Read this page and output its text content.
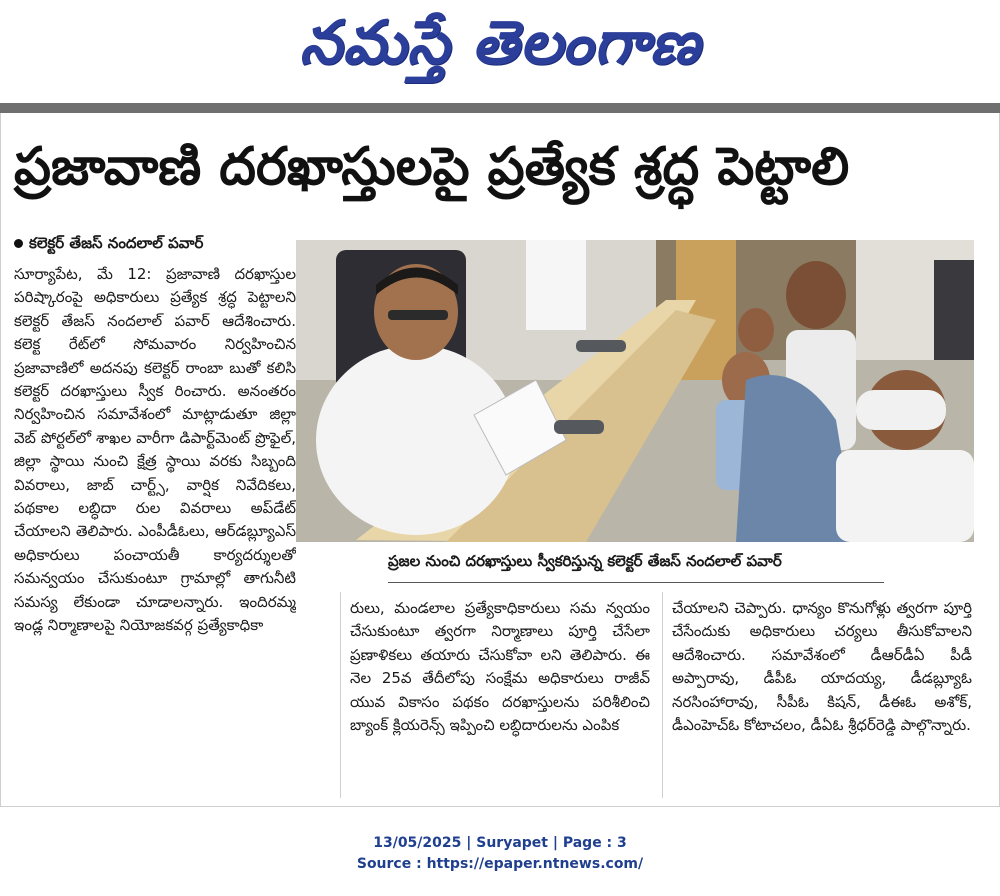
నమస్తే తెలంగాణ
ప్రజావాణి దరఖాస్తులపై ప్రత్యేక శ్రద్ధ పెట్టాలి
కలెక్టర్ తేజస్ నందలాల్ పవార్
సూర్యాపేట, మే 12: ప్రజావాణి దరఖాస్తుల పరిష్కారంపై అధికారులు ప్రత్యేక శ్రద్ధ పెట్టాలని కలెక్టర్ తేజస్ నందలాల్ పవార్ ఆదేశించారు. కలెక్ట రేట్‌లో సోమవారం నిర్వహించిన ప్రజావాణిలో అదనపు కలెక్టర్ రాంబా బుతో కలిసి కలెక్టర్ దరఖాస్తులు స్వీక రించారు. అనంతరం నిర్వహించిన సమావేశంలో మాట్లాడుతూ జిల్లా వెబ్ పోర్టల్‌లో శాఖల వారీగా డిపార్ట్‌మెంట్ ప్రొఫైల్, జిల్లా స్థాయి నుంచి క్షేత్ర స్థాయి వరకు సిబ్బంది వివరాలు, జాబ్ చార్ట్స్, వార్షిక నివేదికలు, పథకాల లబ్ధిదా రుల వివరాలు అప్‌డేట్ చేయాలని తెలిపారు. ఎంపీడీఓలు, ఆర్‌డబ్ల్యూఎస్ అధికారులు పంచాయతీ కార్యదర్శులతో సమన్వయం చేసుకుంటూ గ్రామాల్లో తాగునీటి సమస్య లేకుండా చూడాలన్నారు. ఇందిరమ్మ ఇండ్ల నిర్మాణాలపై నియోజకవర్గ ప్రత్యేకాధికా
ప్రజల నుంచి దరఖాస్తులు స్వీకరిస్తున్న కలెక్టర్ తేజస్ నందలాల్ పవార్
రులు, మండలాల ప్రత్యేకాధికారులు సమ న్వయం చేసుకుంటూ త్వరగా నిర్మాణాలు పూర్తి చేసేలా ప్రణాళికలు తయారు చేసుకోవా లని తెలిపారు. ఈ నెల 25వ తేదీలోపు సంక్షేమ అధికారులు రాజీవ్ యువ వికాసం పథకం దరఖాస్తులను పరిశీలించి బ్యాంక్ క్లియరెన్స్ ఇప్పించి లబ్ధిదారులను ఎంపిక
చేయాలని చెప్పారు. ధాన్యం కొనుగోళ్లు త్వరగా పూర్తి చేసేందుకు అధికారులు చర్యలు తీసుకోవాలని ఆదేశించారు. సమావేశంలో డీఆర్‌డీఏ పీడీ అప్పారావు, డీపీఓ యాదయ్య, డీడబ్ల్యూఓ నరసింహారావు, సీపీఓ కిషన్, డీఈఓ అశోక్, డీఎంహెచ్‌ఓ కోటాచలం, డీఏఓ శ్రీధర్‌రెడ్డి పాల్గొన్నారు.
13/05/2025 | Suryapet | Page : 3
Source : https://epaper.ntnews.com/
